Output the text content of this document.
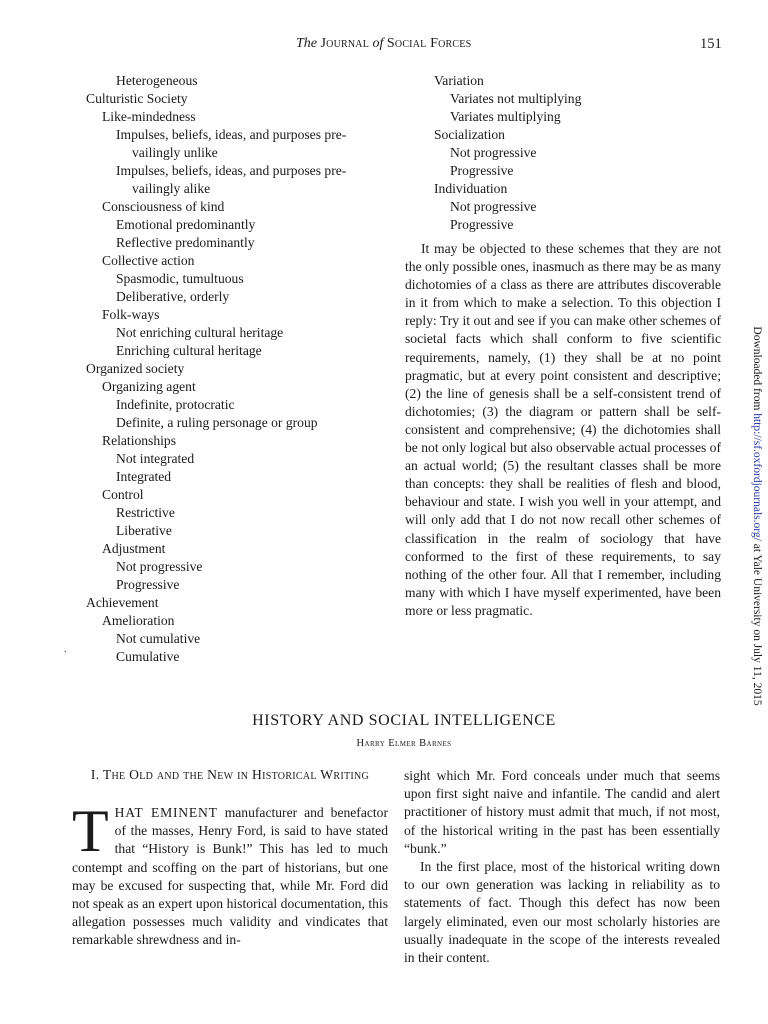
The Journal of Social Forces	151
Heterogeneous
Culturistic Society
Like-mindedness
Impulses, beliefs, ideas, and purposes pre-
vailingly unlike
Impulses, beliefs, ideas, and purposes pre-
vailingly alike
Consciousness of kind
Emotional predominantly
Reflective predominantly
Collective action
Spasmodic, tumultuous
Deliberative, orderly
Folk-ways
Not enriching cultural heritage
Enriching cultural heritage
Organized society
Organizing agent
Indefinite, protocratic
Definite, a ruling personage or group
Relationships
Not integrated
Integrated
Control
Restrictive
Liberative
Adjustment
Not progressive
Progressive
Achievement
Amelioration
Not cumulative
Cumulative
Variation
Variates not multiplying
Variates multiplying
Socialization
Not progressive
Progressive
Individuation
Not progressive
Progressive

It may be objected to these schemes that they are not the only possible ones, inasmuch as there may be as many dichotomies of a class as there are attributes discoverable in it from which to make a selection. To this objection I reply: Try it out and see if you can make other schemes of societal facts which shall conform to five scientific requirements, namely, (1) they shall be at no point pragmatic, but at every point consistent and descriptive; (2) the line of genesis shall be a self-consistent trend of dichotomies; (3) the diagram or pattern shall be self-consistent and comprehensive; (4) the dichotomies shall be not only logical but also observable actual processes of an actual world; (5) the resultant classes shall be more than concepts: they shall be realities of flesh and blood, behaviour and state. I wish you well in your attempt, and will only add that I do not now recall other schemes of classification in the realm of sociology that have conformed to the first of these requirements, to say nothing of the other four. All that I remember, including many with which I have myself experimented, have been more or less pragmatic.

.
Downloaded from http://sf.oxfordjournals.org/ at Yale University on July 11, 2015
HISTORY AND SOCIAL INTELLIGENCE
Harry Elmer Barnes
I. The Old and the New in Historical Writing

THAT EMINENT manufacturer and benefactor of the masses, Henry Ford, is said to have stated that “History is Bunk!” This has led to much contempt and scoffing on the part of historians, but one may be excused for suspecting that, while Mr. Ford did not speak as an expert upon historical documentation, this allegation possesses much validity and vindicates that remarkable shrewdness and in-

sight which Mr. Ford conceals under much that seems upon first sight naive and infantile. The candid and alert practitioner of history must admit that much, if not most, of the historical writing in the past has been essentially “bunk.”

In the first place, most of the historical writing down to our own generation was lacking in reliability as to statements of fact. Though this defect has now been largely eliminated, even our most scholarly histories are usually inadequate in the scope of the interests revealed in their content.
